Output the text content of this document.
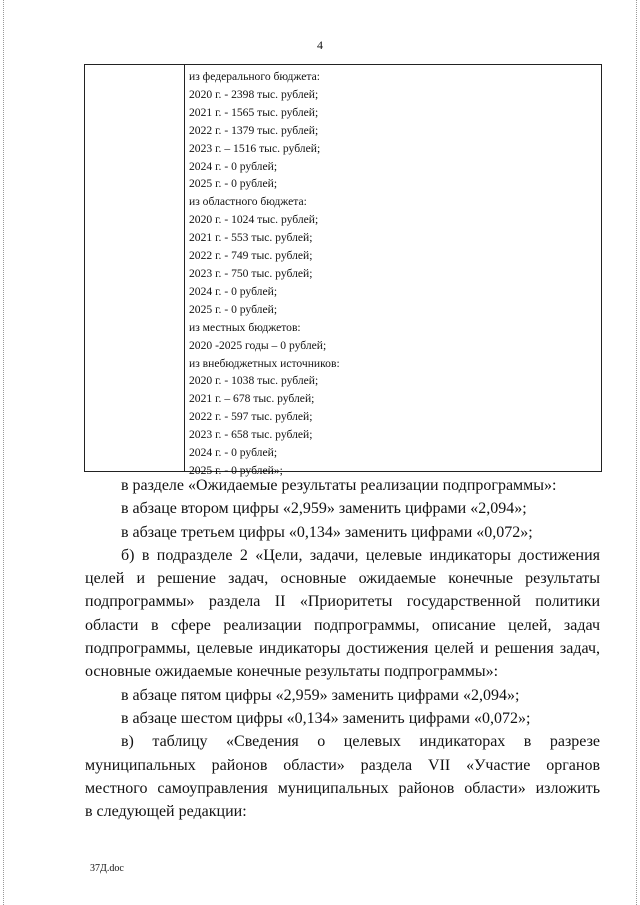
4
из федерального бюджета:
2020 г. - 2398 тыс. рублей;
2021 г. - 1565 тыс. рублей;
2022 г. - 1379 тыс. рублей;
2023 г. – 1516 тыс. рублей;
2024 г. - 0 рублей;
2025 г. - 0 рублей;
из областного бюджета:
2020 г. - 1024 тыс. рублей;
2021 г. - 553 тыс. рублей;
2022 г. - 749 тыс. рублей;
2023 г. - 750 тыс. рублей;
2024 г. - 0 рублей;
2025 г. - 0 рублей;
из местных бюджетов:
2020 -2025 годы – 0 рублей;
из внебюджетных источников:
2020 г. - 1038 тыс. рублей;
2021 г. – 678 тыс. рублей;
2022 г. - 597 тыс. рублей;
2023 г. - 658 тыс. рублей;
2024 г. - 0 рублей;
2025 г. - 0 рублей»;

в разделе «Ожидаемые результаты реализации подпрограммы»:

в абзаце втором цифры «2,959» заменить цифрами «2,094»;

в абзаце третьем цифры «0,134» заменить цифрами «0,072»;

б) в подразделе 2 «Цели, задачи, целевые индикаторы достижения

целей и решение задач, основные ожидаемые конечные результаты

подпрограммы» раздела II «Приоритеты государственной политики

области в сфере реализации подпрограммы, описание целей, задач

подпрограммы, целевые индикаторы достижения целей и решения задач,

основные ожидаемые конечные результаты подпрограммы»:

в абзаце пятом цифры «2,959» заменить цифрами «2,094»;

в абзаце шестом цифры «0,134» заменить цифрами «0,072»;

в) таблицу «Сведения о целевых индикаторах в разрезе

муниципальных районов области» раздела VII «Участие органов

местного самоуправления муниципальных районов области» изложить

в следующей редакции:

37Д.doc
